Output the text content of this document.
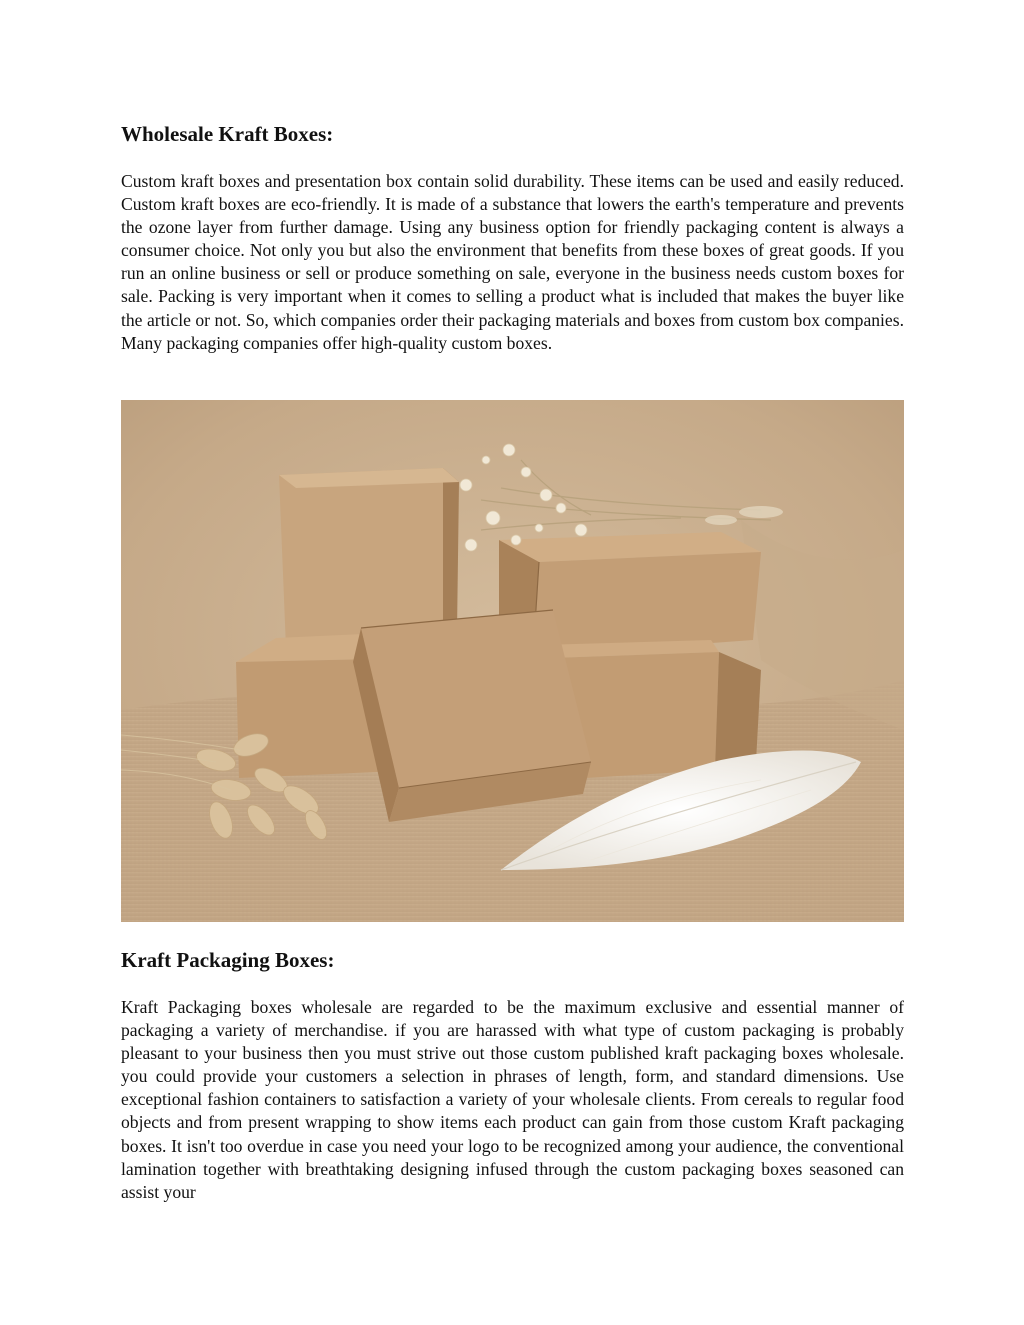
Wholesale Kraft Boxes:

Custom kraft boxes and presentation box contain solid durability. These items can be used and easily reduced. Custom kraft boxes are eco-friendly. It is made of a substance that lowers the earth's temperature and prevents the ozone layer from further damage. Using any business option for friendly packaging content is always a consumer choice. Not only you but also the environment that benefits from these boxes of great goods. If you run an online business or sell or produce something on sale, everyone in the business needs custom boxes for sale. Packing is very important when it comes to selling a product what is included that makes the buyer like the article or not. So, which companies order their packaging materials and boxes from custom box companies. Many packaging companies offer high-quality custom boxes.

Kraft Packaging Boxes:

Kraft Packaging boxes wholesale are regarded to be the maximum exclusive and essential manner of packaging a variety of merchandise. if you are harassed with what type of custom packaging is probably pleasant to your business then you must strive out those custom published kraft packaging boxes wholesale. you could provide your customers a selection in phrases of length, form, and standard dimensions. Use exceptional fashion containers to satisfaction a variety of your wholesale clients. From cereals to regular food objects and from present wrapping to show items each product can gain from those custom Kraft packaging boxes. It isn't too overdue in case you need your logo to be recognized among your audience, the conventional lamination together with breathtaking designing infused through the custom packaging boxes seasoned can assist your
